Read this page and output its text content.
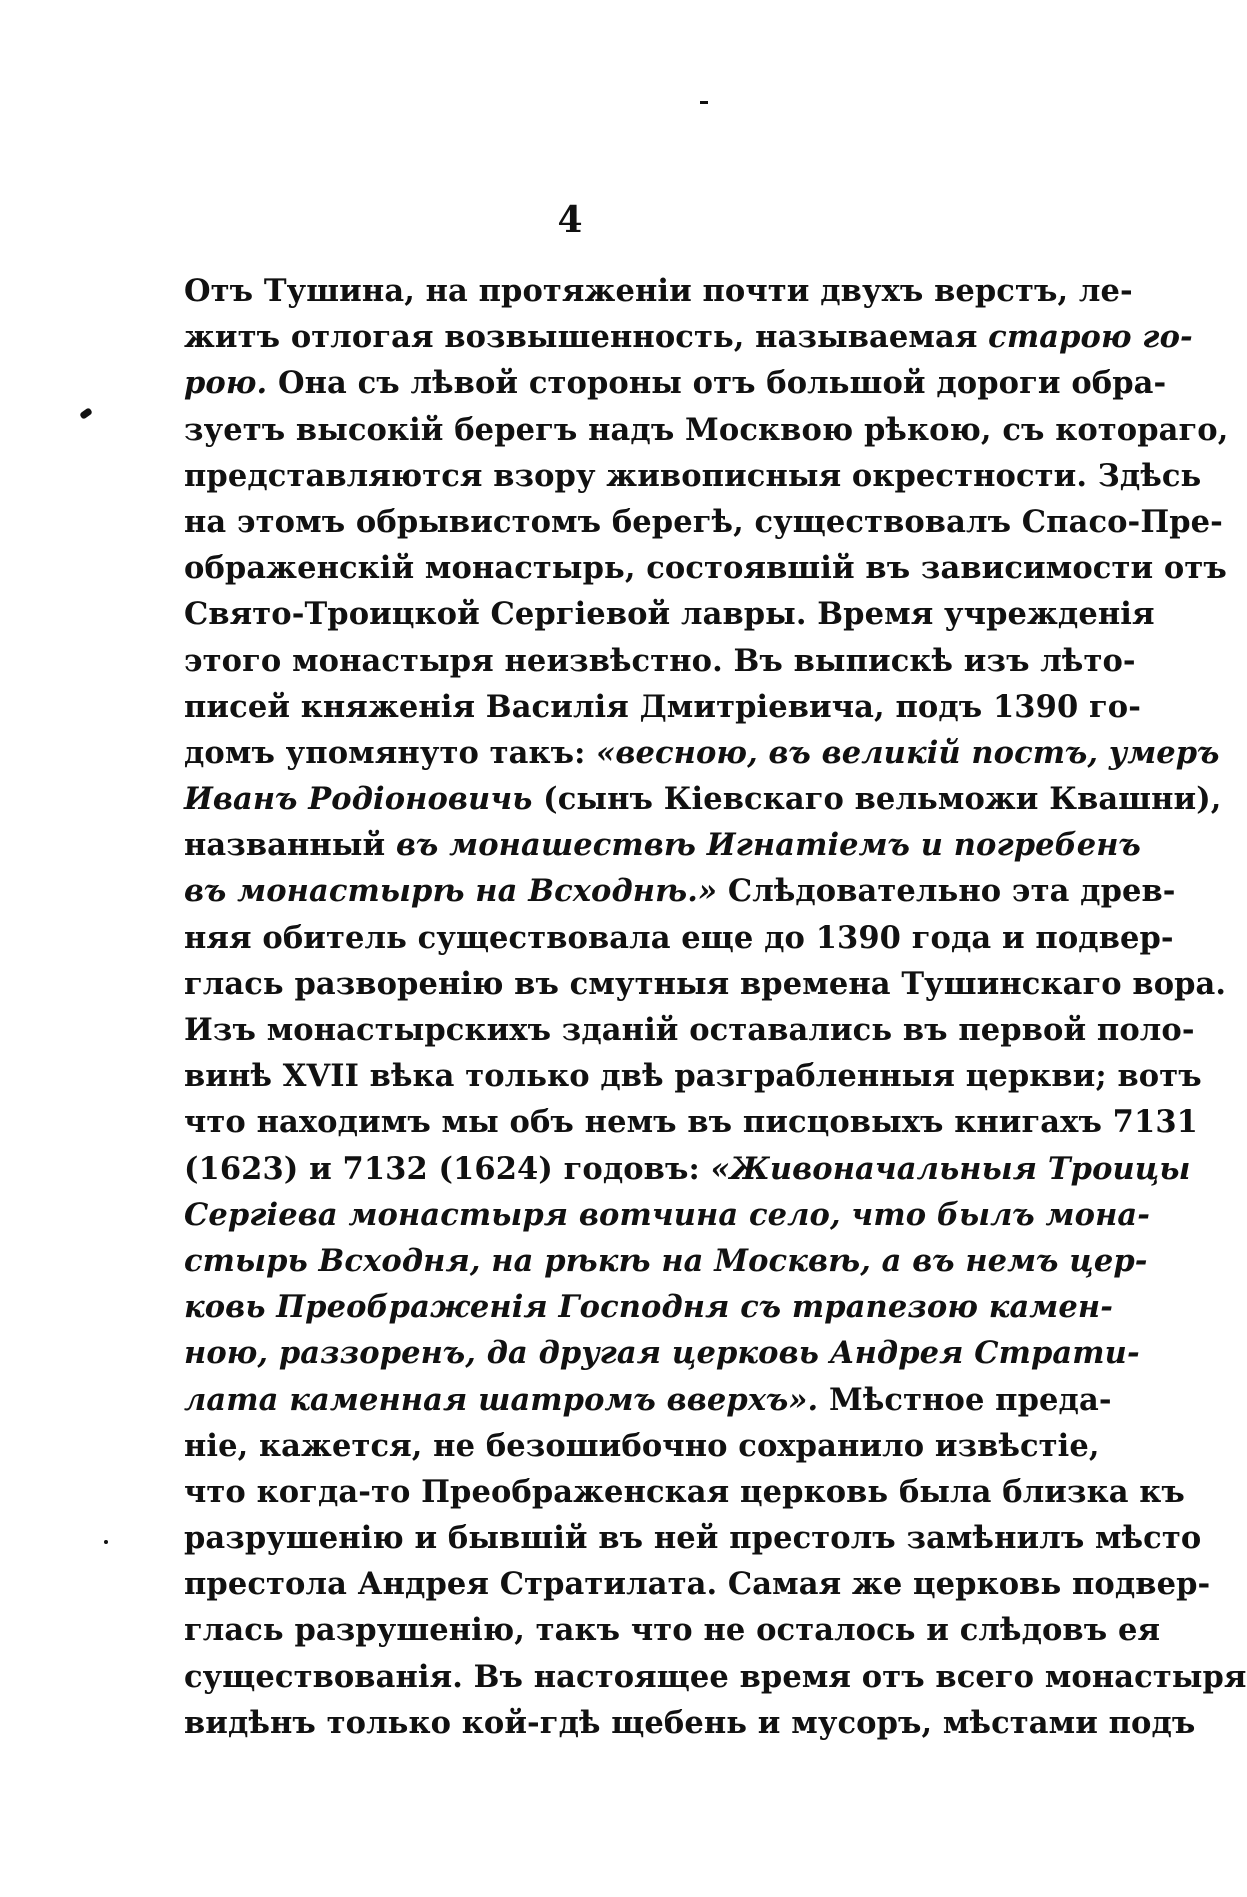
4
Отъ Тушина, на протяженіи почти двухъ верстъ, ле-
житъ отлогая возвышенность, называемая старою го-
рою. Она съ лѣвой стороны отъ большой дороги обра-
зуетъ высокій берегъ надъ Москвою рѣкою, съ котораго,
представляются взору живописныя окрестности. Здѣсь
на этомъ обрывистомъ берегѣ, существовалъ Спасо-Пре-
ображенскій монастырь, состоявшій въ зависимости отъ
Свято-Троицкой Сергіевой лавры. Время учрежденія
этого монастыря неизвѣстно. Въ выпискѣ изъ лѣто-
писей княженія Василія Дмитріевича, подъ 1390 го-
домъ упомянуто такъ: «весною, въ великій постъ, умеръ
Иванъ Родіоновичь (сынъ Кіевскаго вельможи Квашни),
названный въ монашествѣ Игнатіемъ и погребенъ
въ монастырѣ на Всходнѣ.» Слѣдовательно эта древ-
няя обитель существовала еще до 1390 года и подвер-
глась разворенію въ смутныя времена Тушинскаго вора.
Изъ монастырскихъ зданій оставались въ первой поло-
винѣ XVII вѣка только двѣ разграбленныя церкви; вотъ
что находимъ мы объ немъ въ писцовыхъ книгахъ 7131
(1623) и 7132 (1624) годовъ: «Живоначальныя Троицы
Сергіева монастыря вотчина село, что былъ мона-
стырь Всходня, на рѣкѣ на Москвѣ, а въ немъ цер-
ковь Преображенія Господня съ трапезою камен-
ною, раззоренъ, да другая церковь Андрея Страти-
лата каменная шатромъ вверхъ». Мѣстное преда-
ніе, кажется, не безошибочно сохранило извѣстіе,
что когда-то Преображенская церковь была близка къ
разрушенію и бывшій въ ней престолъ замѣнилъ мѣсто
престола Андрея Стратилата. Самая же церковь подвер-
глась разрушенію, такъ что не осталось и слѣдовъ ея
существованія. Въ настоящее время отъ всего монастыря
видѣнъ только кой-гдѣ щебень и мусоръ, мѣстами подъ
